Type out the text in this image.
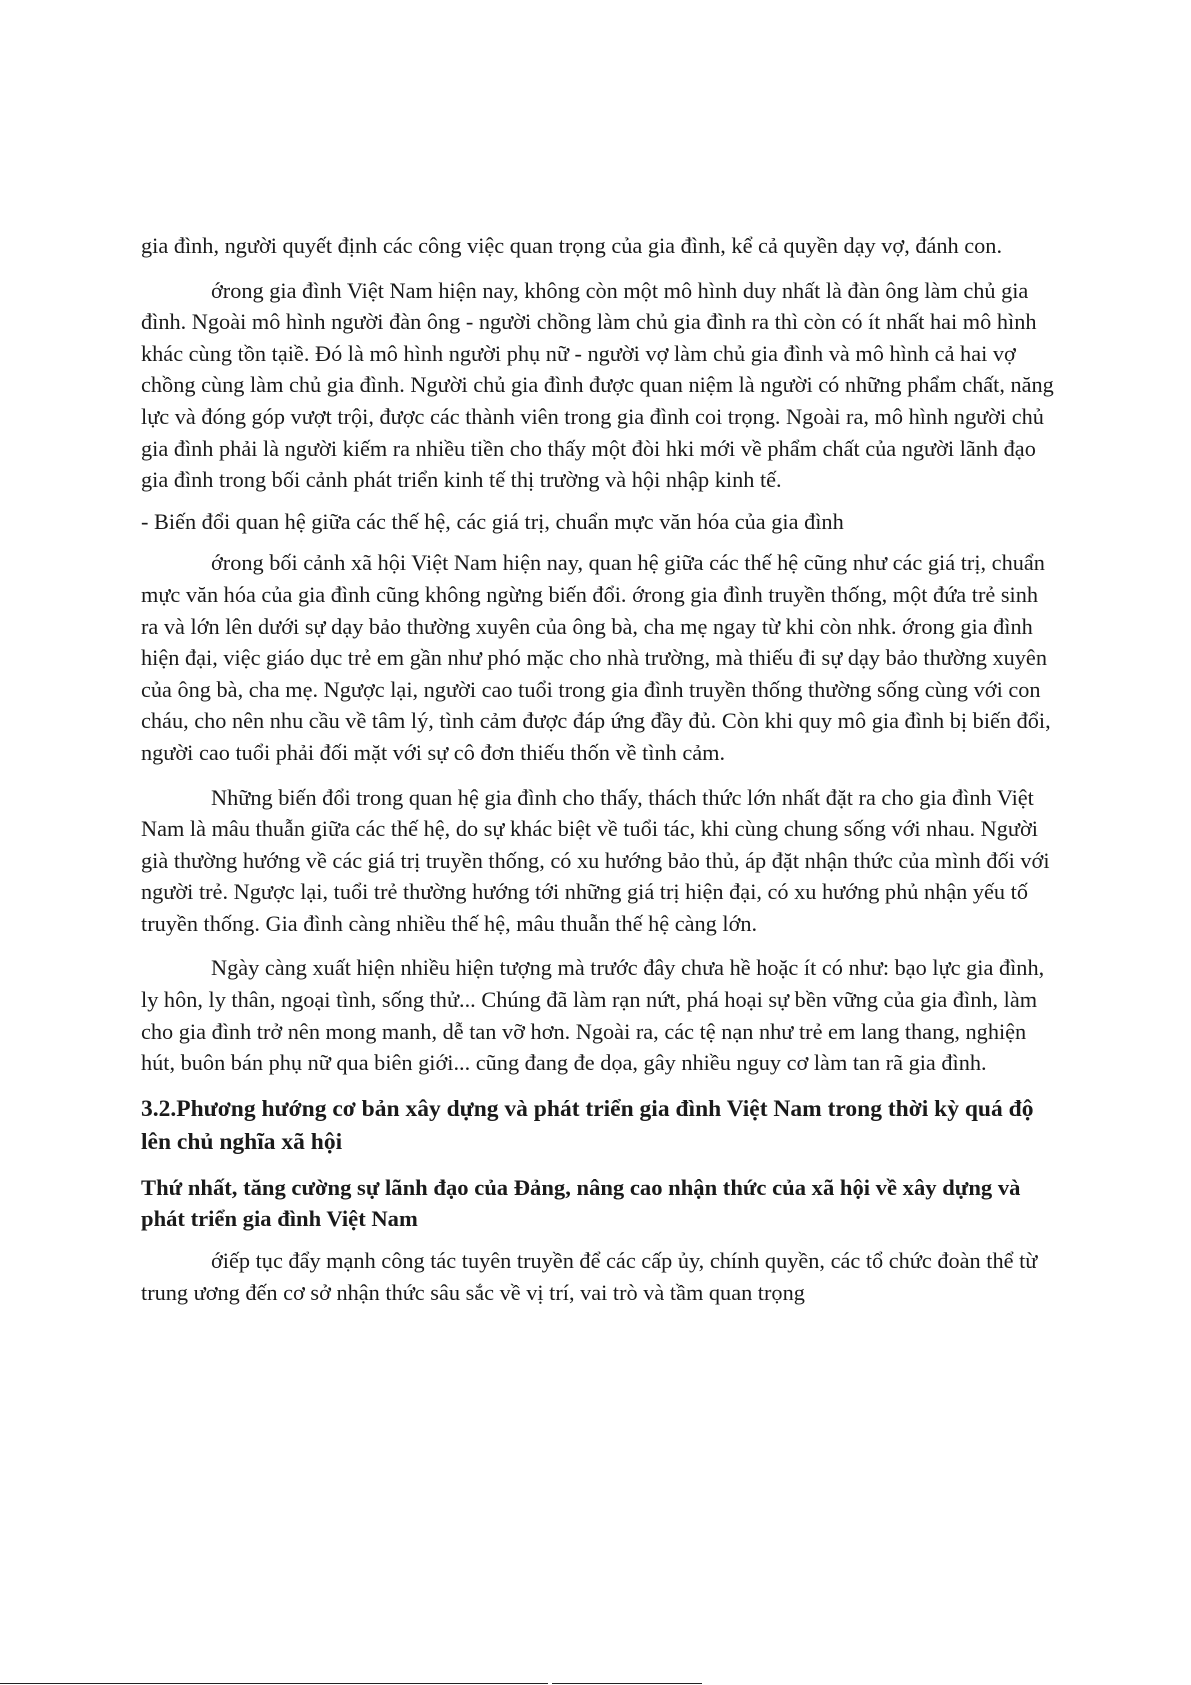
gia đình, người quyết định các công việc quan trọng của gia đình, kể cả quyền dạy vợ, đánh con.

ớrong gia đình Việt Nam hiện nay, không còn một mô hình duy nhất là đàn ông làm chủ gia đình. Ngoài mô hình người đàn ông - người chồng làm chủ gia đình ra thì còn có ít nhất hai mô hình khác cùng tồn tạiề. Đó là mô hình người phụ nữ - người vợ làm chủ gia đình và mô hình cả hai vợ chồng cùng làm chủ gia đình. Người chủ gia đình được quan niệm là người có những phẩm chất, năng lực và đóng góp vượt trội, được các thành viên trong gia đình coi trọng. Ngoài ra, mô hình người chủ gia đình phải là người kiếm ra nhiều tiền cho thấy một đòi hki mới về phẩm chất của người lãnh đạo gia đình trong bối cảnh phát triển kinh tế thị trường và hội nhập kinh tế.

- Biến đổi quan hệ giữa các thế hệ, các giá trị, chuẩn mực văn hóa của gia đình

ớrong bối cảnh xã hội Việt Nam hiện nay, quan hệ giữa các thế hệ cũng như các giá trị, chuẩn mực văn hóa của gia đình cũng không ngừng biến đổi. ớrong gia đình truyền thống, một đứa trẻ sinh ra và lớn lên dưới sự dạy bảo thường xuyên của ông bà, cha mẹ ngay từ khi còn nhk. ớrong gia đình hiện đại, việc giáo dục trẻ em gần như phó mặc cho nhà trường, mà thiếu đi sự dạy bảo thường xuyên của ông bà, cha mẹ. Ngược lại, người cao tuổi trong gia đình truyền thống thường sống cùng với con cháu, cho nên nhu cầu về tâm lý, tình cảm được đáp ứng đầy đủ. Còn khi quy mô gia đình bị biến đổi, người cao tuổi phải đối mặt với sự cô đơn thiếu thốn về tình cảm.

Những biến đổi trong quan hệ gia đình cho thấy, thách thức lớn nhất đặt ra cho gia đình Việt Nam là mâu thuẫn giữa các thế hệ, do sự khác biệt về tuổi tác, khi cùng chung sống với nhau. Người già thường hướng về các giá trị truyền thống, có xu hướng bảo thủ, áp đặt nhận thức của mình đối với người trẻ. Ngược lại, tuổi trẻ thường hướng tới những giá trị hiện đại, có xu hướng phủ nhận yếu tố truyền thống. Gia đình càng nhiều thế hệ, mâu thuẫn thế hệ càng lớn.

Ngày càng xuất hiện nhiều hiện tượng mà trước đây chưa hề hoặc ít có như: bạo lực gia đình, ly hôn, ly thân, ngoại tình, sống thử... Chúng đã làm rạn nứt, phá hoại sự bền vững của gia đình, làm cho gia đình trở nên mong manh, dễ tan vỡ hơn. Ngoài ra, các tệ nạn như trẻ em lang thang, nghiện hút, buôn bán phụ nữ qua biên giới... cũng đang đe dọa, gây nhiều nguy cơ làm tan rã gia đình.

3.2.Phương hướng cơ bản xây dựng và phát triển gia đình Việt Nam trong thời kỳ quá độ lên chủ nghĩa xã hội
Thứ nhất, tăng cường sự lãnh đạo của Đảng, nâng cao nhận thức của xã hội về xây dựng và phát triển gia đình Việt Nam

ớiếp tục đẩy mạnh công tác tuyên truyền để các cấp ủy, chính quyền, các tổ chức đoàn thể từ trung ương đến cơ sở nhận thức sâu sắc về vị trí, vai trò và tầm quan trọng
